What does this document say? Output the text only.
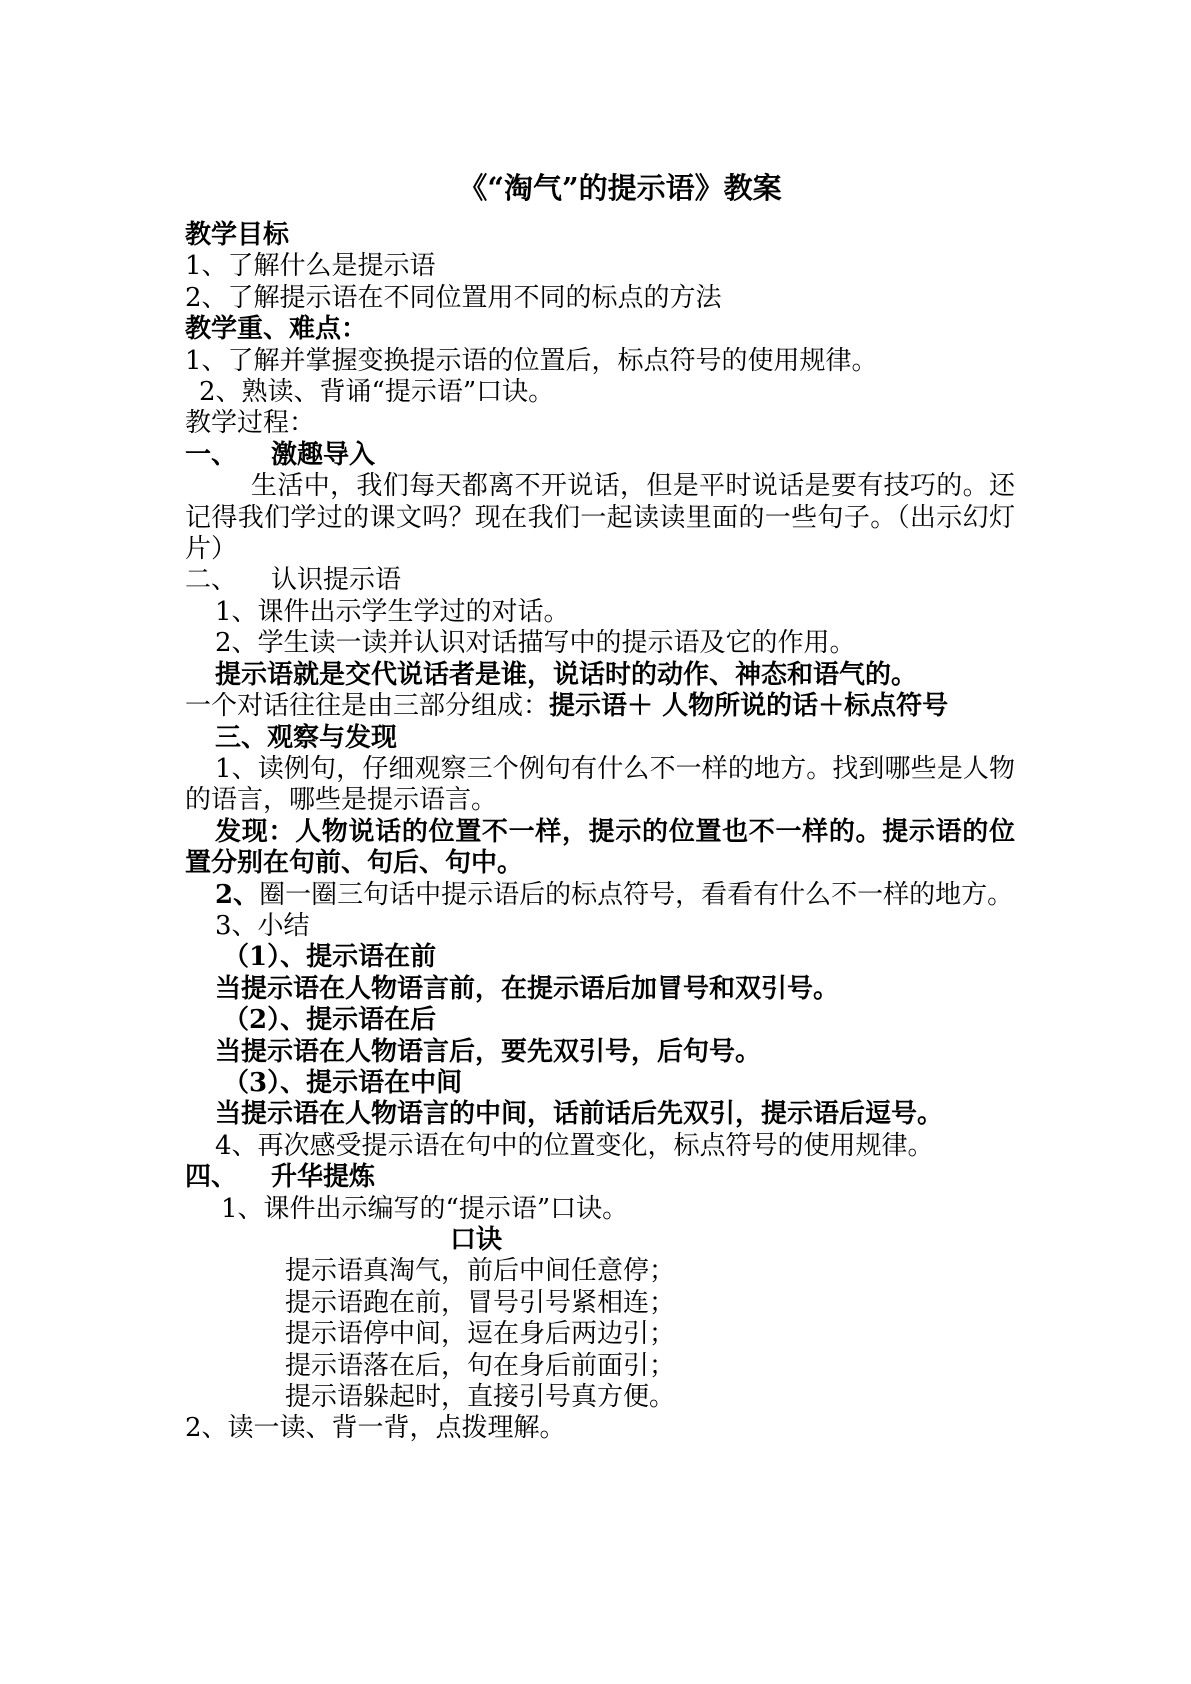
《“淘气”的提示语》教案

教学目标

1、了解什么是提示语

2、了解提示语在不同位置用不同的标点的方法

教学重、难点：

1、了解并掌握变换提示语的位置后，标点符号的使用规律。

2、熟读、背诵“提示语”口诀。

教学过程：

一、 激趣导入

生活中，我们每天都离不开说话，但是平时说话是要有技巧的。还记得我们学过的课文吗？现在我们一起读读里面的一些句子。（出示幻灯片）

二、 认识提示语

1、课件出示学生学过的对话。

2、学生读一读并认识对话描写中的提示语及它的作用。

提示语就是交代说话者是谁，说话时的动作、神态和语气的。

一个对话往往是由三部分组成：提示语＋ 人物所说的话＋标点符号

三、观察与发现

1、读例句，仔细观察三个例句有什么不一样的地方。找到哪些是人物的语言，哪些是提示语言。

发现：人物说话的位置不一样，提示的位置也不一样的。提示语的位置分别在句前、句后、句中。

2、圈一圈三句话中提示语后的标点符号，看看有什么不一样的地方。

3、小结

（1）、提示语在前

当提示语在人物语言前，在提示语后加冒号和双引号。

（2）、提示语在后

当提示语在人物语言后，要先双引号，后句号。

（3）、提示语在中间

当提示语在人物语言的中间，话前话后先双引，提示语后逗号。

4、再次感受提示语在句中的位置变化，标点符号的使用规律。

四、 升华提炼

1、课件出示编写的“提示语”口诀。

口诀

提示语真淘气，前后中间任意停；

提示语跑在前，冒号引号紧相连；

提示语停中间，逗在身后两边引；

提示语落在后，句在身后前面引；

提示语躲起时，直接引号真方便。

2、读一读、背一背，点拨理解。
